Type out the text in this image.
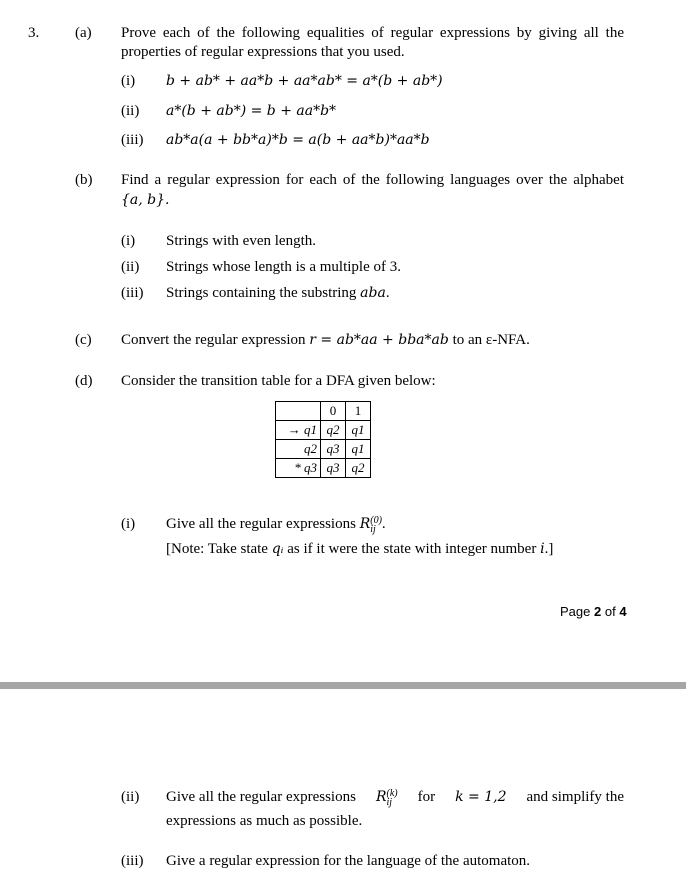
3. (a) Prove each of the following equalities of regular expressions by giving all the
properties of regular expressions that you used.
(i) b + ab* + aa*b + aa*ab* = a*(b + ab*)
(ii) a*(b + ab*) = b + aa*b*
(iii) ab*a(a + bb*a)*b = a(b + aa*b)*aa*b
(b) Find a regular expression for each of the following languages over the alphabet
{a, b}.
(i) Strings with even length.
(ii) Strings whose length is a multiple of 3.
(iii) Strings containing the substring aba.
(c) Convert the regular expression r = ab*aa + bba*ab to an ε-NFA.
(d) Consider the transition table for a DFA given below:
	0	1
→ q1	q2	q1
q2	q3	q1
* q3	q3	q2
(i) Give all the regular expressions R (0)
ij .
[Note: Take state qᵢ as if it were the state with integer number i.]
Page 2 of 4
(ii) Give all the regular expressions R (k)
ij	for k = 1,2 and simplify the
expressions as much as possible.
(iii) Give a regular expression for the language of the automaton.
